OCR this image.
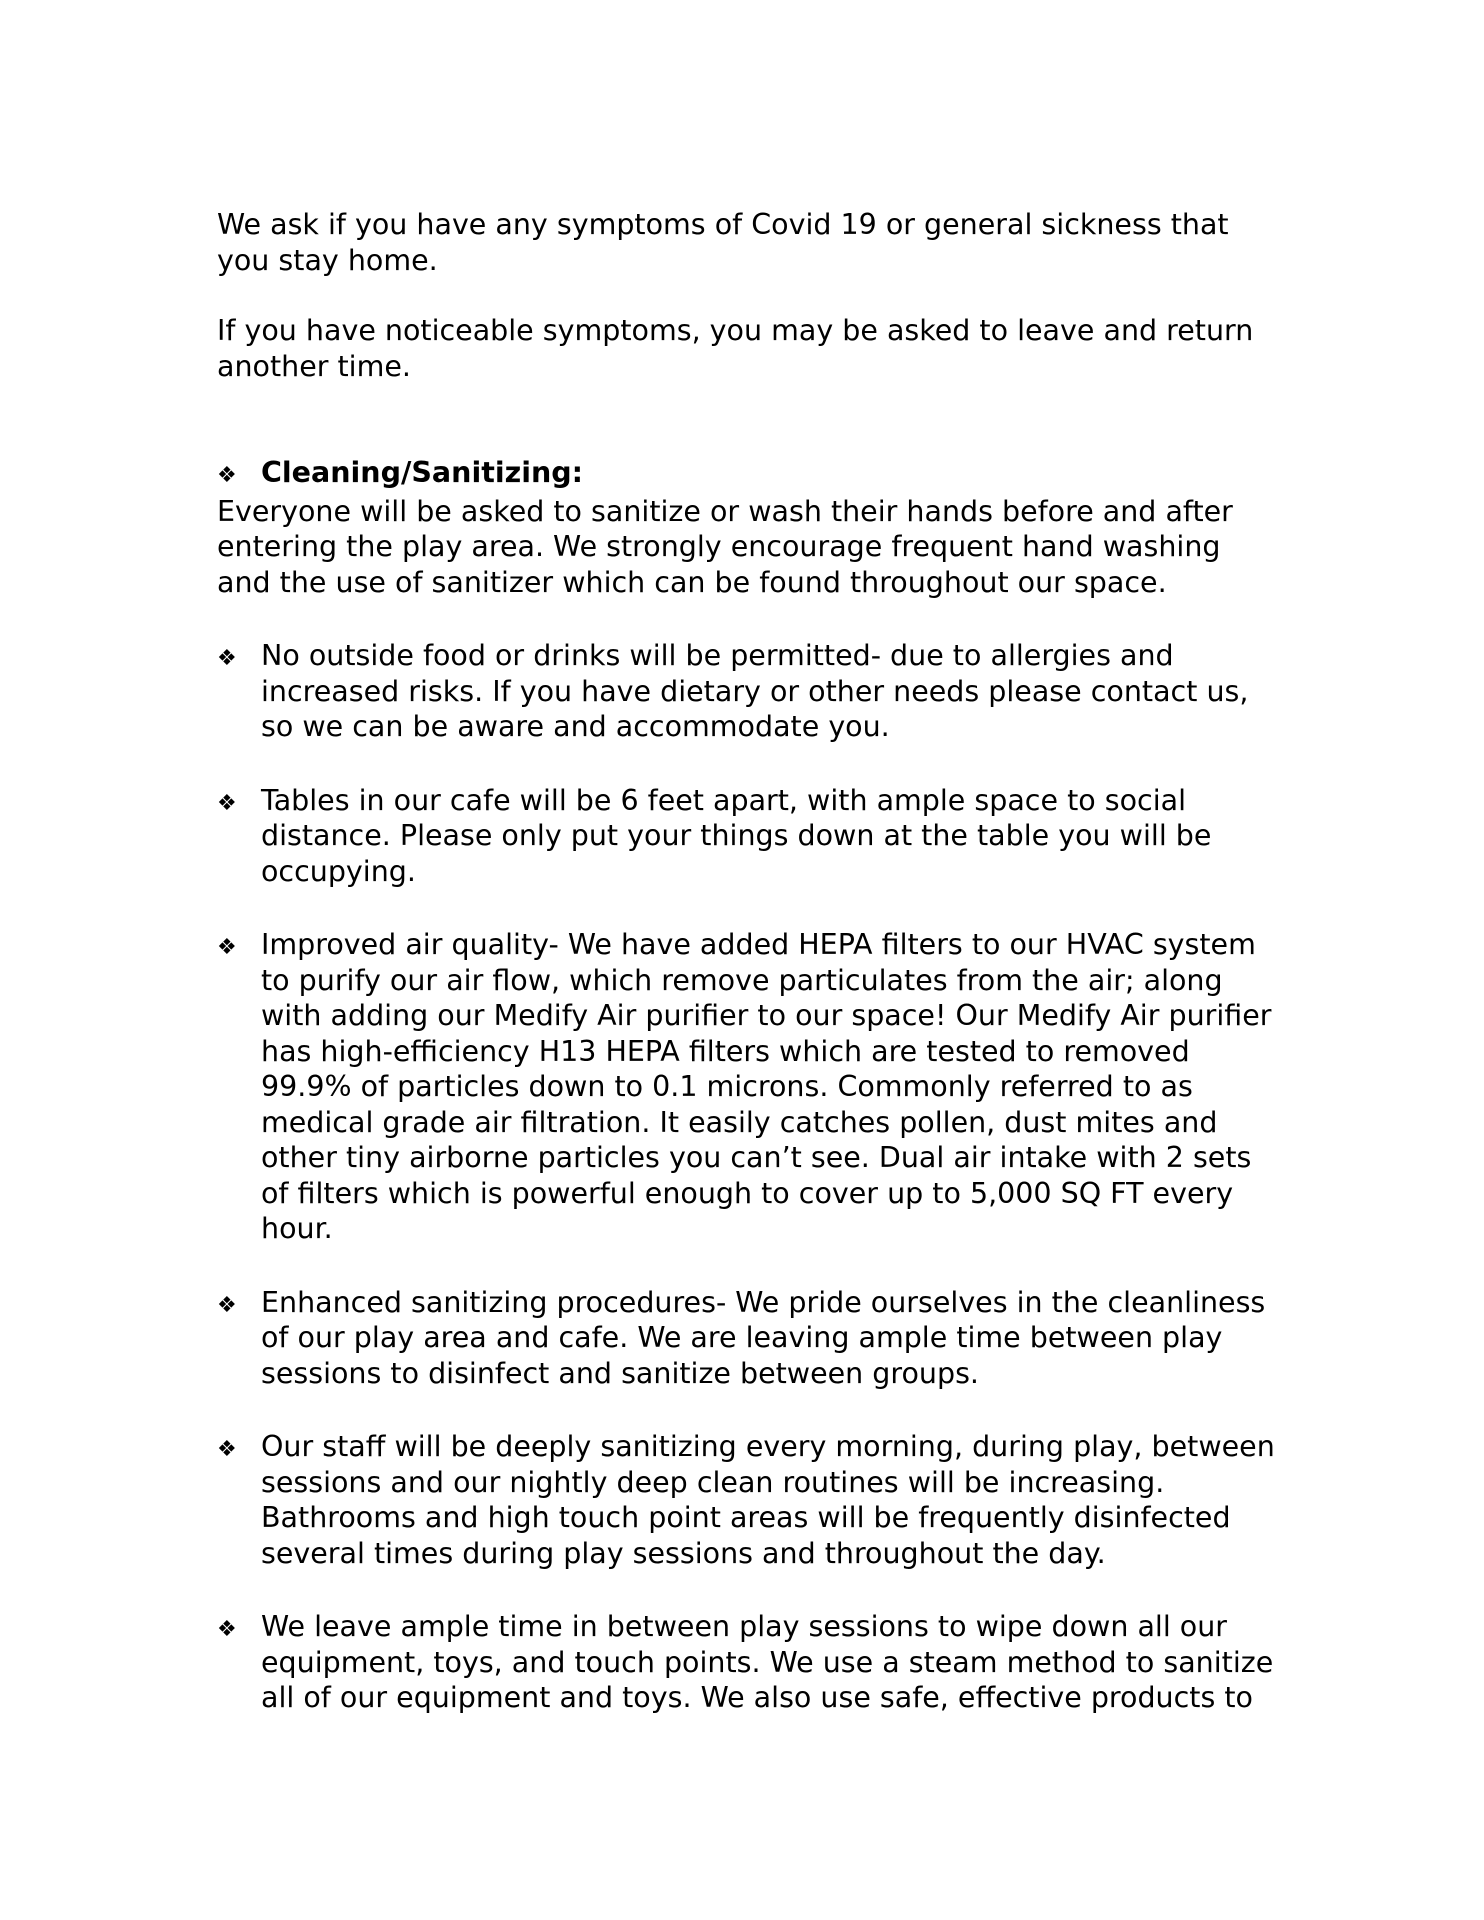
We ask if you have any symptoms of Covid 19 or general sickness that
you stay home.

If you have noticeable symptoms, you may be asked to leave and return
another time.

❖ Cleaning/Sanitizing:

Everyone will be asked to sanitize or wash their hands before and after
entering the play area. We strongly encourage frequent hand washing
and the use of sanitizer which can be found throughout our space.

❖ No outside food or drinks will be permitted- due to allergies and
increased risks. If you have dietary or other needs please contact us,
so we can be aware and accommodate you.
❖ Tables in our cafe will be 6 feet apart, with ample space to social
distance. Please only put your things down at the table you will be
occupying.
❖ Improved air quality- We have added HEPA filters to our HVAC system
to purify our air flow, which remove particulates from the air; along
with adding our Medify Air purifier to our space! Our Medify Air purifier
has high-efficiency H13 HEPA filters which are tested to removed
99.9% of particles down to 0.1 microns. Commonly referred to as
medical grade air filtration. It easily catches pollen, dust mites and
other tiny airborne particles you can’t see. Dual air intake with 2 sets
of filters which is powerful enough to cover up to 5,000 SQ FT every
hour.
❖ Enhanced sanitizing procedures- We pride ourselves in the cleanliness
of our play area and cafe. We are leaving ample time between play
sessions to disinfect and sanitize between groups.
❖ Our staff will be deeply sanitizing every morning, during play, between
sessions and our nightly deep clean routines will be increasing.
Bathrooms and high touch point areas will be frequently disinfected
several times during play sessions and throughout the day.
❖ We leave ample time in between play sessions to wipe down all our
equipment, toys, and touch points. We use a steam method to sanitize
all of our equipment and toys. We also use safe, effective products to
